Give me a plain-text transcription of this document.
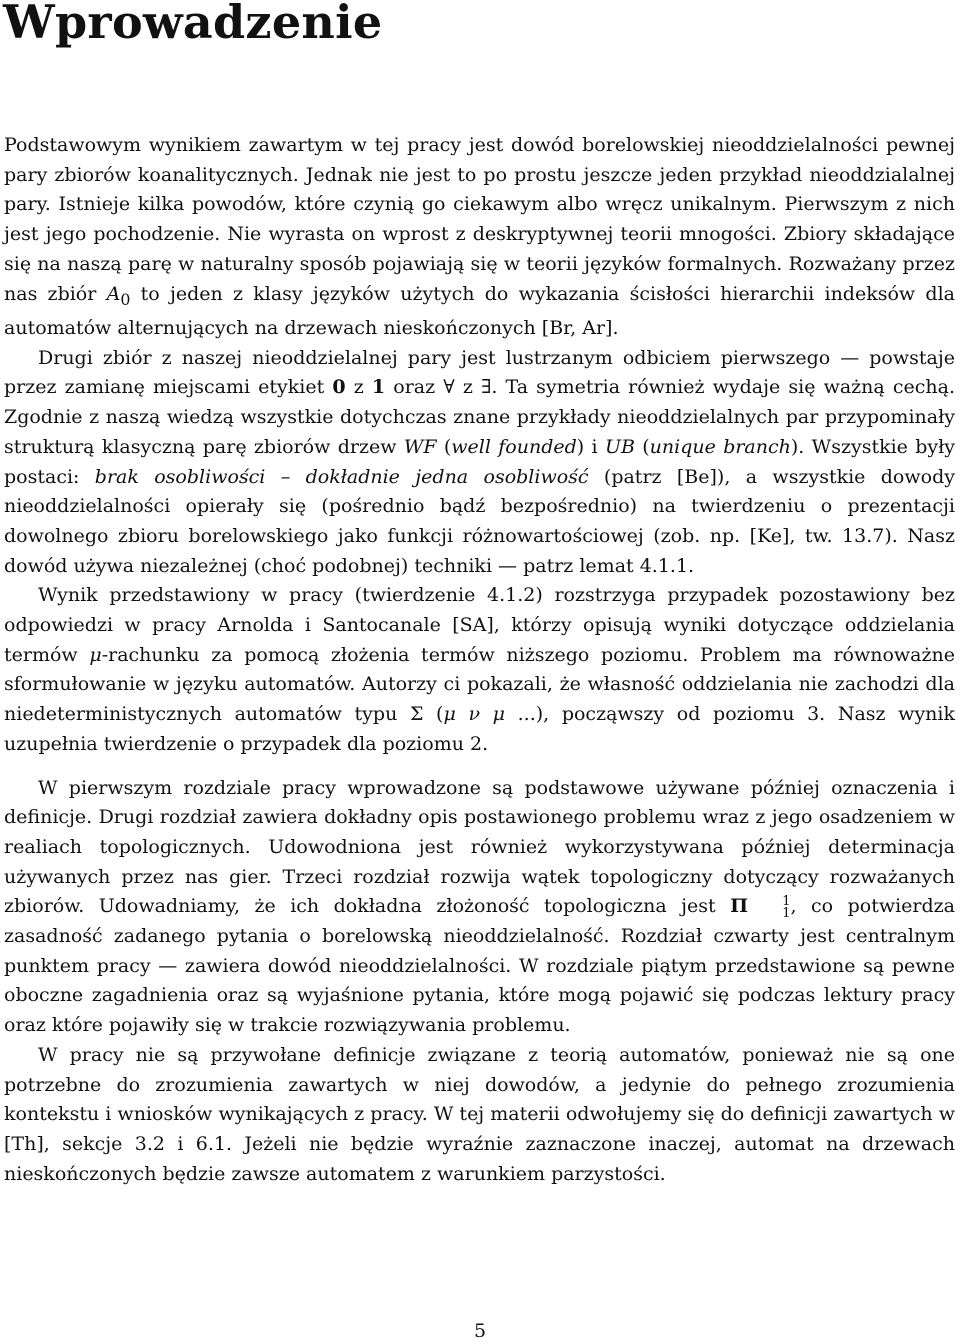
Wprowadzenie

Podstawowym wynikiem zawartym w tej pracy jest dowód borelowskiej nieoddzielalności pewnej pary zbiorów koanalitycznych. Jednak nie jest to po prostu jeszcze jeden przykład nieoddzialalnej pary. Istnieje kilka powodów, które czynią go ciekawym albo wręcz unikalnym. Pierwszym z nich jest jego pochodzenie. Nie wyrasta on wprost z deskryptywnej teorii mnogości. Zbiory składające się na naszą parę w naturalny sposób pojawiają się w teorii języków formalnych. Rozważany przez nas zbiór $A_0$ to jeden z klasy języków użytych do wykazania ścisłości hierarchii indeksów dla automatów alternujących na drzewach nieskończonych [Br, Ar].

Drugi zbiór z naszej nieoddzielalnej pary jest lustrzanym odbiciem pierwszego — powstaje przez zamianę miejscami etykiet 0 z 1 oraz ∀ z ∃. Ta symetria również wydaje się ważną cechą. Zgodnie z naszą wiedzą wszystkie dotychczas znane przykłady nieoddzielalnych par przypominały strukturą klasyczną parę zbiorów drzew WF (well founded) i UB (unique branch). Wszystkie były postaci: brak osobliwości – dokładnie jedna osobliwość (patrz [Be]), a wszystkie dowody nieoddzielalności opierały się (pośrednio bądź bezpośrednio) na twierdzeniu o prezentacji dowolnego zbioru borelowskiego jako funkcji różnowartościowej (zob. np. [Ke], tw. 13.7). Nasz dowód używa niezależnej (choć podobnej) techniki — patrz lemat 4.1.1.

Wynik przedstawiony w pracy (twierdzenie 4.1.2) rozstrzyga przypadek pozostawiony bez odpowiedzi w pracy Arnolda i Santocanale [SA], którzy opisują wyniki dotyczące oddzielania termów μ-rachunku za pomocą złożenia termów niższego poziomu. Problem ma równoważne sformułowanie w języku automatów. Autorzy ci pokazali, że własność oddzielania nie zachodzi dla niedeterministycznych automatów typu Σ (μ ν μ ...), począwszy od poziomu 3. Nasz wynik uzupełnia twierdzenie o przypadek dla poziomu 2.

W pierwszym rozdziale pracy wprowadzone są podstawowe używane później oznaczenia i definicje. Drugi rozdział zawiera dokładny opis postawionego problemu wraz z jego osadzeniem w realiach topologicznych. Udowodniona jest również wykorzystywana później determinacja używanych przez nas gier. Trzeci rozdział rozwija wątek topologiczny dotyczący rozważanych zbiorów. Udowadniamy, że ich dokładna złożoność topologiczna jest Π	1
1 , co potwierdza zasadność zadanego pytania o borelowską nieoddzielalność. Rozdział czwarty jest centralnym punktem pracy — zawiera dowód nieoddzielalności. W rozdziale piątym przedstawione są pewne oboczne zagadnienia oraz są wyjaśnione pytania, które mogą pojawić się podczas lektury pracy oraz które pojawiły się w trakcie rozwiązywania problemu.

W pracy nie są przywołane definicje związane z teorią automatów, ponieważ nie są one potrzebne do zrozumienia zawartych w niej dowodów, a jedynie do pełnego zrozumienia kontekstu i wniosków wynikających z pracy. W tej materii odwołujemy się do definicji zawartych w [Th], sekcje 3.2 i 6.1. Jeżeli nie będzie wyraźnie zaznaczone inaczej, automat na drzewach nieskończonych będzie zawsze automatem z warunkiem parzystości.

5
